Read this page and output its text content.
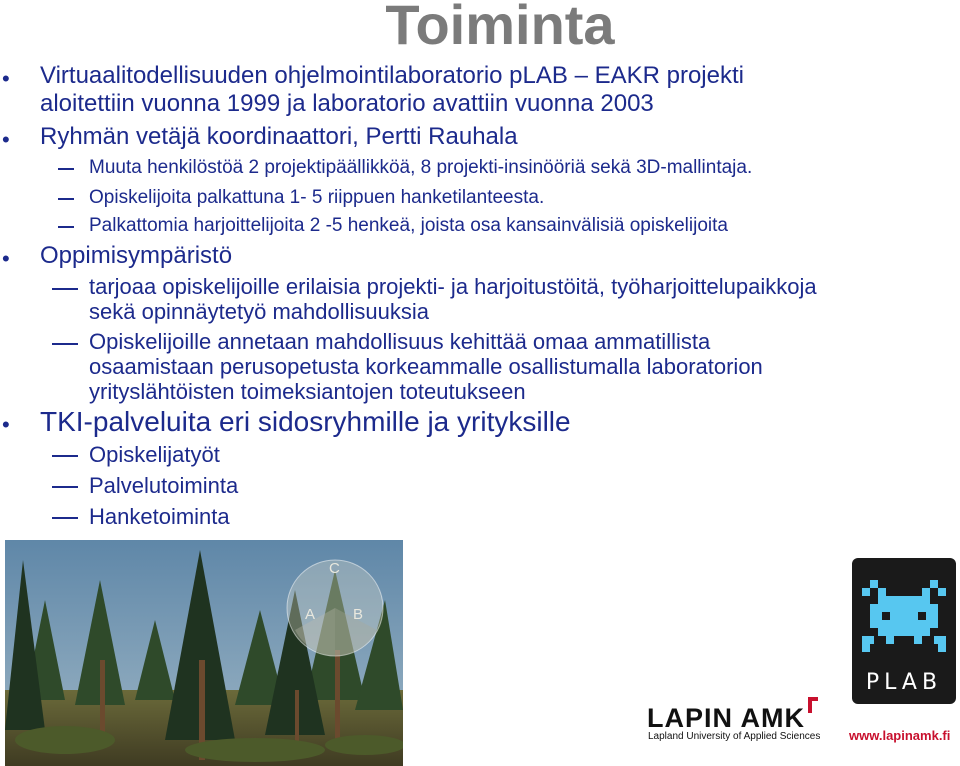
Toiminta
• Virtuaalitodellisuuden ohjelmointilaboratorio pLAB – EAKR projekti
aloitettiin vuonna 1999 ja laboratorio avattiin vuonna 2003
• Ryhmän vetäjä koordinaattori, Pertti Rauhala
Muuta henkilöstöä 2 projektipäällikköä, 8 projekti-insinööriä sekä 3D-mallintaja.
Opiskelijoita palkattuna 1- 5 riippuen hanketilanteesta.
Palkattomia harjoittelijoita 2 -5 henkeä, joista osa kansainvälisiä opiskelijoita
• Oppimisympäristö
tarjoaa opiskelijoille erilaisia projekti- ja harjoitustöitä, työharjoittelupaikkoja
sekä opinnäytetyö mahdollisuuksia
Opiskelijoille annetaan mahdollisuus kehittää omaa ammatillista
osaamistaan perusopetusta korkeammalle osallistumalla laboratorion
yrityslähtöisten toimeksiantojen toteutukseen
• TKI-palveluita eri sidosryhmille ja yrityksille
Opiskelijatyöt
Palvelutoiminta
Hanketoiminta
C
A	B
PLAB
LAPIN AMK
Lapland University of Applied Sciences www.lapinamk.fi
